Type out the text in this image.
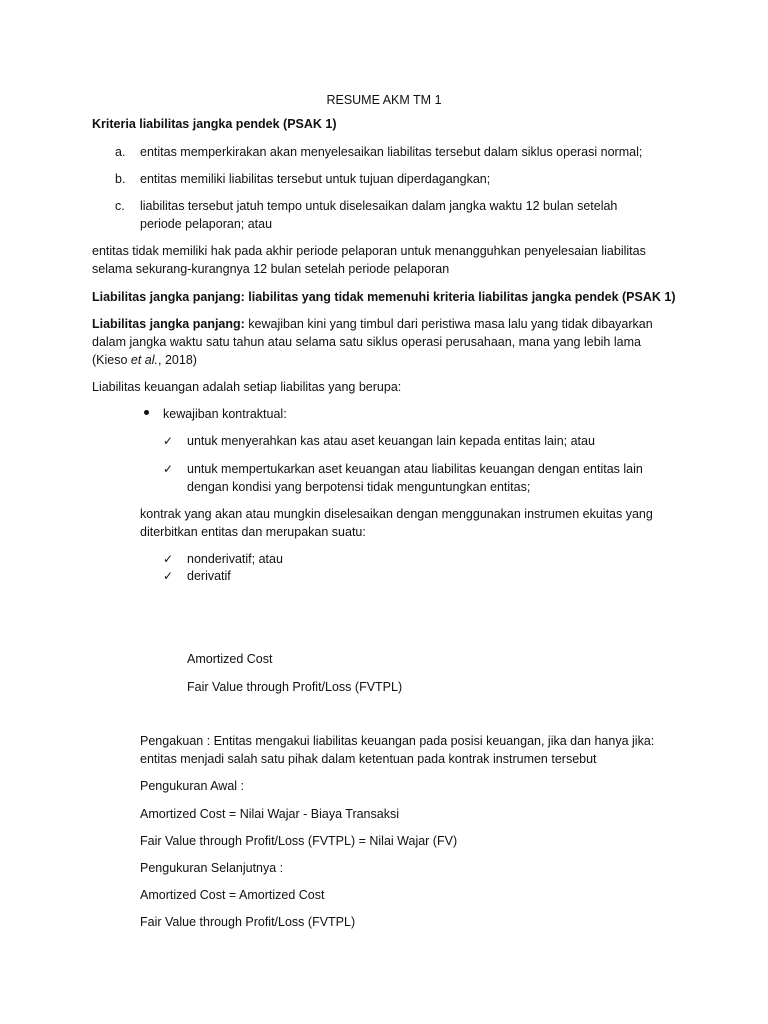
RESUME AKM TM 1
Kriteria liabilitas jangka pendek (PSAK 1)
a. entitas memperkirakan akan menyelesaikan liabilitas tersebut dalam siklus operasi normal;
b. entitas memiliki liabilitas tersebut untuk tujuan diperdagangkan;
c. liabilitas tersebut jatuh tempo untuk diselesaikan dalam jangka waktu 12 bulan setelah
periode pelaporan; atau
entitas tidak memiliki hak pada akhir periode pelaporan untuk menangguhkan penyelesaian liabilitas
selama sekurang-kurangnya 12 bulan setelah periode pelaporan
Liabilitas jangka panjang: liabilitas yang tidak memenuhi kriteria liabilitas jangka pendek (PSAK 1)
Liabilitas jangka panjang: kewajiban kini yang timbul dari peristiwa masa lalu yang tidak dibayarkan
dalam jangka waktu satu tahun atau selama satu siklus operasi perusahaan, mana yang lebih lama
(Kieso et al., 2018)
Liabilitas keuangan adalah setiap liabilitas yang berupa:
kewajiban kontraktual:
✓ untuk menyerahkan kas atau aset keuangan lain kepada entitas lain; atau
✓ untuk mempertukarkan aset keuangan atau liabilitas keuangan dengan entitas lain
dengan kondisi yang berpotensi tidak menguntungkan entitas;
kontrak yang akan atau mungkin diselesaikan dengan menggunakan instrumen ekuitas yang
diterbitkan entitas dan merupakan suatu:
✓ nonderivatif; atau
✓ derivatif
Amortized Cost
Fair Value through Profit/Loss (FVTPL)
Pengakuan : Entitas mengakui liabilitas keuangan pada posisi keuangan, jika dan hanya jika:
entitas menjadi salah satu pihak dalam ketentuan pada kontrak instrumen tersebut
Pengukuran Awal :
Amortized Cost = Nilai Wajar - Biaya Transaksi
Fair Value through Profit/Loss (FVTPL) = Nilai Wajar (FV)
Pengukuran Selanjutnya :
Amortized Cost = Amortized Cost
Fair Value through Profit/Loss (FVTPL)
